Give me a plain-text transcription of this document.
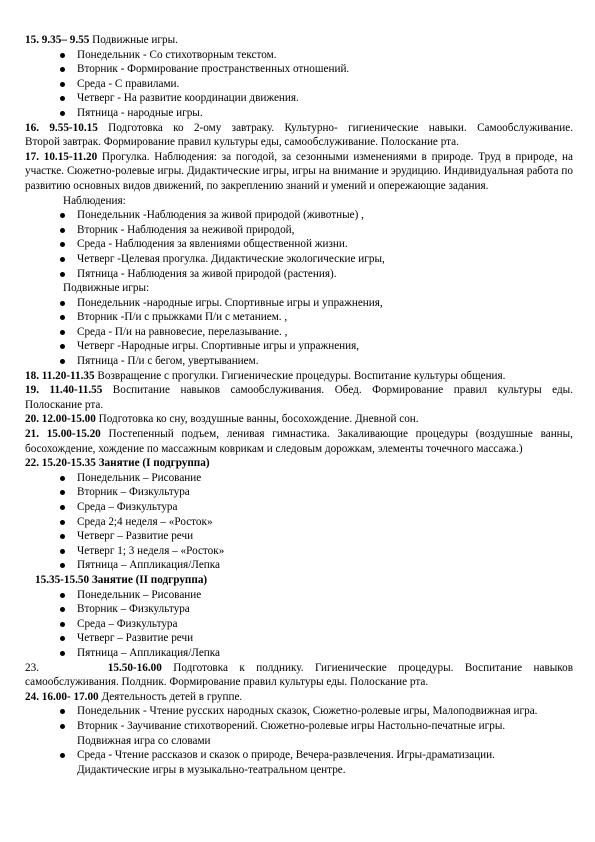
15. 9.35– 9.55 Подвижные игры.

Понедельник - Со стихотворным текстом.
Вторник - Формирование пространственных отношений.
Среда - С правилами.
Четверг - На развитие координации движения.
Пятница - народные игры.

16. 9.55-10.15 Подготовка ко 2-ому завтраку. Культурно- гигиенические навыки. Самообслуживание.

Второй завтрак. Формирование правил культуры еды, самообслуживание. Полоскание рта.

17. 10.15-11.20 Прогулка. Наблюдения: за погодой, за сезонными изменениями в природе. Труд в природе, на участке. Сюжетно-ролевые игры. Дидактические игры, игры на внимание и эрудицию. Индивидуальная работа по развитию основных видов движений, по закреплению знаний и умений и опережающие задания.

Наблюдения:

Понедельник -Наблюдения за живой природой (животные) ,
Вторник - Наблюдения за неживой природой,
Среда - Наблюдения за явлениями общественной жизни.
Четверг -Целевая прогулка. Дидактические экологические игры,
Пятница - Наблюдения за живой природой (растения).

Подвижные игры:

Понедельник -народные игры. Спортивные игры и упражнения,
Вторник -П/и с прыжками П/и с метанием. ,
Среда - П/и на равновесие, перелазывание. ,
Четверг -Народные игры. Спортивные игры и упражнения,
Пятница - П/и с бегом, увертыванием.

18. 11.20-11.35 Возвращение с прогулки. Гигиенические процедуры. Воспитание культуры общения.

19. 11.40-11.55 Воспитание навыков самообслуживания. Обед. Формирование правил культуры еды.

Полоскание рта.

20. 12.00-15.00 Подготовка ко сну, воздушные ванны, босохождение. Дневной сон.

21. 15.00-15.20 Постепенный подъем, ленивая гимнастика. Закаливающие процедуры (воздушные ванны,

босохождение, хождение по массажным коврикам и следовым дорожкам, элементы точечного массажа.)

22. 15.20-15.35 Занятие (I подгруппа)

Понедельник – Рисование
Вторник – Физкультура
Среда – Физкультура
Среда 2;4 неделя – «Росток»
Четверг – Развитие речи
Четверг 1; 3 неделя – «Росток»
Пятница – Аппликация/Лепка

15.35-15.50 Занятие (II подгруппа)

Понедельник – Рисование
Вторник – Физкультура
Среда – Физкультура
Четверг – Развитие речи
Пятница – Аппликация/Лепка

23.	15.50-16.00 Подготовка к полднику. Гигиенические процедуры. Воспитание навыков

самообслуживания. Полдник. Формирование правил культуры еды. Полоскание рта.

24. 16.00- 17.00 Деятельность детей в группе.

Понедельник - Чтение русских народных сказок, Сюжетно-ролевые игры, Малоподвижная игра.
Вторник - Заучивание стихотворений. Сюжетно-ролевые игры Настольно-печатные игры.
Подвижная игра со словами
Среда - Чтение рассказов и сказок о природе, Вечера-развлечения. Игры-драматизации.
Дидактические игры в музыкально-театральном центре.
